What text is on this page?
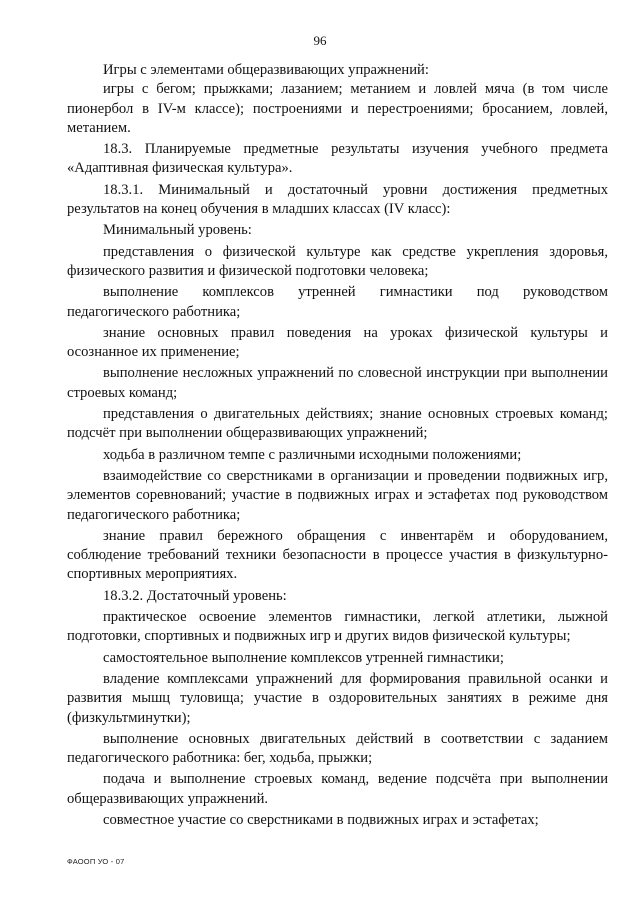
96

Игры с элементами общеразвивающих упражнений:

игры с бегом; прыжками; лазанием; метанием и ловлей мяча (в том числе пионербол в IV-м классе); построениями и перестроениями; бросанием, ловлей, метанием.

18.3. Планируемые предметные результаты изучения учебного предмета «Адаптивная физическая культура».

18.3.1. Минимальный и достаточный уровни достижения предметных результатов на конец обучения в младших классах (IV класс):

Минимальный уровень:

представления о физической культуре как средстве укрепления здоровья, физического развития и физической подготовки человека;

выполнение комплексов утренней гимнастики под руководством педагогического работника;

знание основных правил поведения на уроках физической культуры и осознанное их применение;

выполнение несложных упражнений по словесной инструкции при выполнении строевых команд;

представления о двигательных действиях; знание основных строевых команд; подсчёт при выполнении общеразвивающих упражнений;

ходьба в различном темпе с различными исходными положениями;

взаимодействие со сверстниками в организации и проведении подвижных игр, элементов соревнований; участие в подвижных играх и эстафетах под руководством педагогического работника;

знание правил бережного обращения с инвентарём и оборудованием, соблюдение требований техники безопасности в процессе участия в физкультурно-спортивных мероприятиях.

18.3.2. Достаточный уровень:

практическое освоение элементов гимнастики, легкой атлетики, лыжной подготовки, спортивных и подвижных игр и других видов физической культуры;

самостоятельное выполнение комплексов утренней гимнастики;

владение комплексами упражнений для формирования правильной осанки и развития мышц туловища; участие в оздоровительных занятиях в режиме дня (физкультминутки);

выполнение основных двигательных действий в соответствии с заданием педагогического работника: бег, ходьба, прыжки;

подача и выполнение строевых команд, ведение подсчёта при выполнении общеразвивающих упражнений.

совместное участие со сверстниками в подвижных играх и эстафетах;

ФАООП УО - 07
